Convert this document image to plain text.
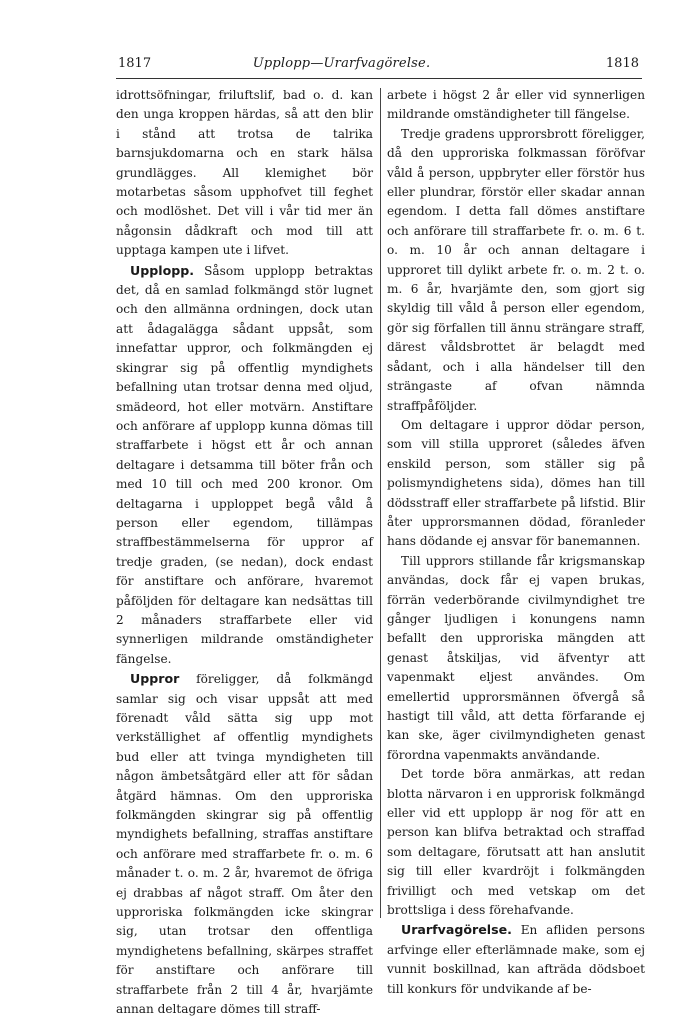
1817	Upplopp—Urarfvagörelse.	1818

idrottsöfningar, friluftslif, bad o. d. kan den unga kroppen härdas, så att den blir i stånd att trotsa de talrika barnsjukdomarna och en stark hälsa grundlägges. All klemighet bör motarbetas såsom upphofvet till feghet och modlöshet. Det vill i vår tid mer än någonsin dådkraft och mod till att upptaga kampen ute i lifvet.

Upplopp. Såsom upplopp betraktas det, då en samlad folkmängd stör lugnet och den allmänna ordningen, dock utan att ådagalägga sådant uppsåt, som innefattar uppror, och folkmängden ej skingrar sig på offentlig myndighets befallning utan trotsar denna med oljud, smädeord, hot eller motvärn. Anstiftare och anförare af upplopp kunna dömas till straffarbete i högst ett år och annan deltagare i detsamma till böter från och med 10 till och med 200 kronor. Om deltagarna i upploppet begå våld å person eller egendom, tillämpas straffbestämmelserna för uppror af tredje graden, (se nedan), dock endast för anstiftare och anförare, hvaremot påföljden för deltagare kan nedsättas till 2 månaders straffarbete eller vid synnerligen mildrande omständigheter fängelse.

Uppror föreligger, då folkmängd samlar sig och visar uppsåt att med förenadt våld sätta sig upp mot verkställighet af offentlig myndighets bud eller att tvinga myndigheten till någon ämbetsåtgärd eller att för sådan åtgärd hämnas. Om den upproriska folkmängden skingrar sig på offentlig myndighets befallning, straffas anstiftare och anförare med straffarbete fr. o. m. 6 månader t. o. m. 2 år, hvaremot de öfriga ej drabbas af något straff. Om åter den upproriska folkmängden icke skingrar sig, utan trotsar den offentliga myndighetens befallning, skärpes straffet för anstiftare och anförare till straffarbete från 2 till 4 år, hvarjämte annan deltagare dömes till straff-

arbete i högst 2 år eller vid synnerligen mildrande omständigheter till fängelse.

Tredje gradens upprorsbrott föreligger, då den upproriska folkmassan föröfvar våld å person, uppbryter eller förstör hus eller plundrar, förstör eller skadar annan egendom. I detta fall dömes anstiftare och anförare till straffarbete fr. o. m. 6 t. o. m. 10 år och annan deltagare i upproret till dylikt arbete fr. o. m. 2 t. o. m. 6 år, hvarjämte den, som gjort sig skyldig till våld å person eller egendom, gör sig förfallen till ännu strängare straff, därest våldsbrottet är belagdt med sådant, och i alla händelser till den strängaste af ofvan nämnda straffpåföljder.

Om deltagare i uppror dödar person, som vill stilla upproret (således äfven enskild person, som ställer sig på polismyndighetens sida), dömes han till dödsstraff eller straffarbete på lifstid. Blir åter upprorsmannen dödad, föranleder hans dödande ej ansvar för banemannen.

Till upprors stillande får krigsmanskap användas, dock får ej vapen brukas, förrän vederbörande civilmyndighet tre gånger ljudligen i konungens namn befallt den upproriska mängden att genast åtskiljas, vid äfventyr att vapenmakt eljest användes. Om emellertid upprorsmännen öfvergå så hastigt till våld, att detta förfarande ej kan ske, äger civilmyndigheten genast förordna vapenmakts användande.

Det torde böra anmärkas, att redan blotta närvaron i en upprorisk folkmängd eller vid ett upplopp är nog för att en person kan blifva betraktad och straffad som deltagare, förutsatt att han anslutit sig till eller kvardröjt i folkmängden frivilligt och med vetskap om det brottsliga i dess förehafvande.

Urarfvagörelse. En afliden persons arfvinge eller efterlämnade make, som ej vunnit boskillnad, kan afträda dödsboet till konkurs för undvikande af be-
